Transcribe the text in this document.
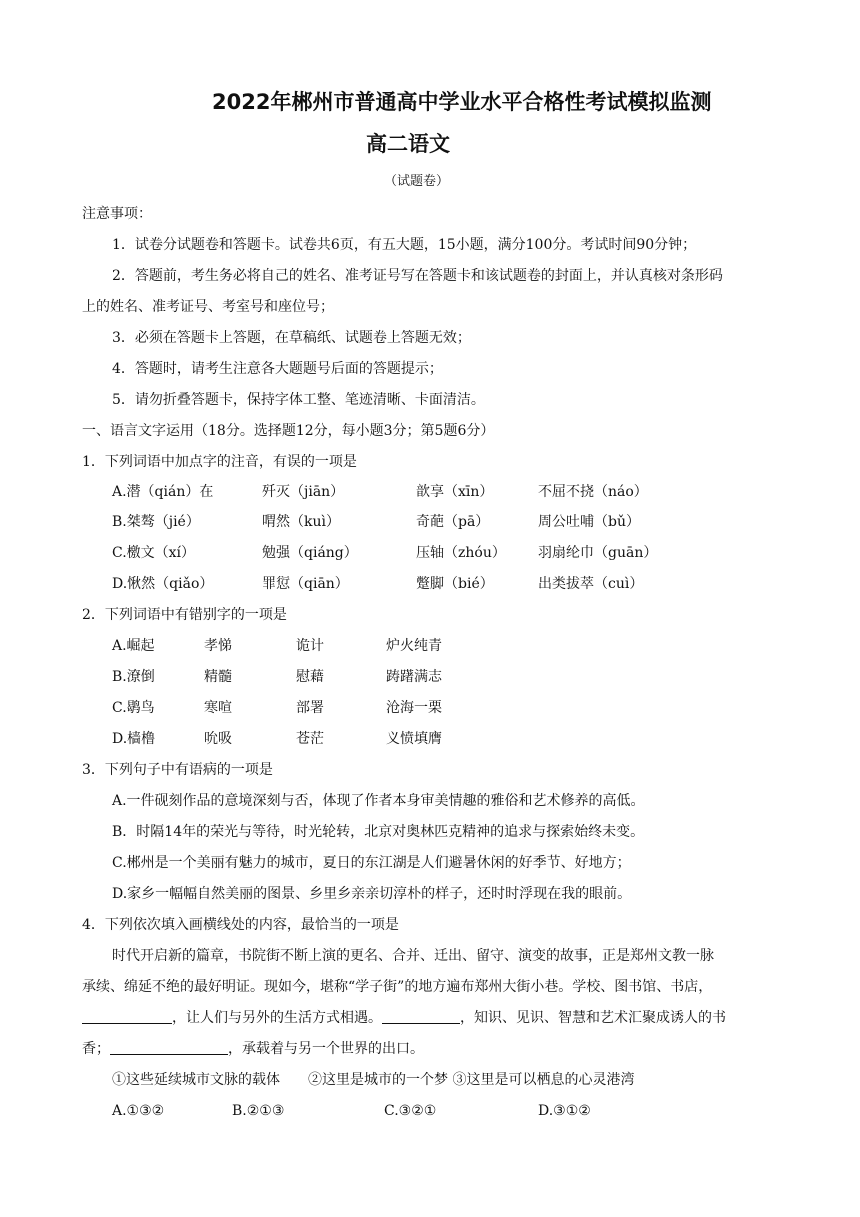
2022年郴州市普通高中学业水平合格性考试模拟监测
高二语文
（试题卷）
注意事项：
1．试卷分试题卷和答题卡。试卷共6页，有五大题，15小题，满分100分。考试时间90分钟；
2．答题前，考生务必将自己的姓名、准考证号写在答题卡和该试题卷的封面上，并认真核对条形码
上的姓名、准考证号、考室号和座位号；
3．必须在答题卡上答题，在草稿纸、试题卷上答题无效；
4．答题时，请考生注意各大题题号后面的答题提示；
5．请勿折叠答题卡，保持字体工整、笔迹清晰、卡面清洁。
一、语言文字运用（18分。选择题12分，每小题3分；第5题6分）
1．下列词语中加点字的注音，有误的一项是
A.潜（qián）在	歼灭（jiān）	歆享（xīn）	不屈不挠（náo）
B.桀骜（jié）	喟然（kuì）	奇葩（pā）	周公吐哺（bǔ）
C.檄文（xí）	勉强（qiáng）	压轴（zhóu） 羽扇纶巾（guān）
D.愀然（qiǎo）	罪愆（qiān）	蹩脚（bié）	出类拔萃（cuì）
2．下列词语中有错别字的一项是
A.崛起	孝悌	诡计	炉火纯青
B.潦倒	精髓	慰藉	踌躇满志
C.鹖鸟	寒喧	部署	沧海一栗
D.樯橹	吮吸	苍茫	义愤填膺
3．下列句子中有语病的一项是
A.一件砚刻作品的意境深刻与否，体现了作者本身审美情趣的雅俗和艺术修养的高低。
B．时隔14年的荣光与等待，时光轮转，北京对奥林匹克精神的追求与探索始终未变。
C.郴州是一个美丽有魅力的城市，夏日的东江湖是人们避暑休闲的好季节、好地方；
D.家乡一幅幅自然美丽的图景、乡里乡亲亲切淳朴的样子，还时时浮现在我的眼前。
4．下列依次填入画横线处的内容，最恰当的一项是
时代开启新的篇章，书院街不断上演的更名、合并、迁出、留守、演变的故事，正是郑州文教一脉
承续、绵延不绝的最好明证。现如今，堪称“学子街”的地方遍布郑州大街小巷。学校、图书馆、书店，
，让人们与另外的生活方式相遇。	，知识、见识、智慧和艺术汇聚成诱人的书
香；	，承载着与另一个世界的出口。
①这些延续城市文脉的载体　　②这里是城市的一个梦 ③这里是可以栖息的心灵港湾
A.①③②	B.②①③	C.③②①	D.③①②
